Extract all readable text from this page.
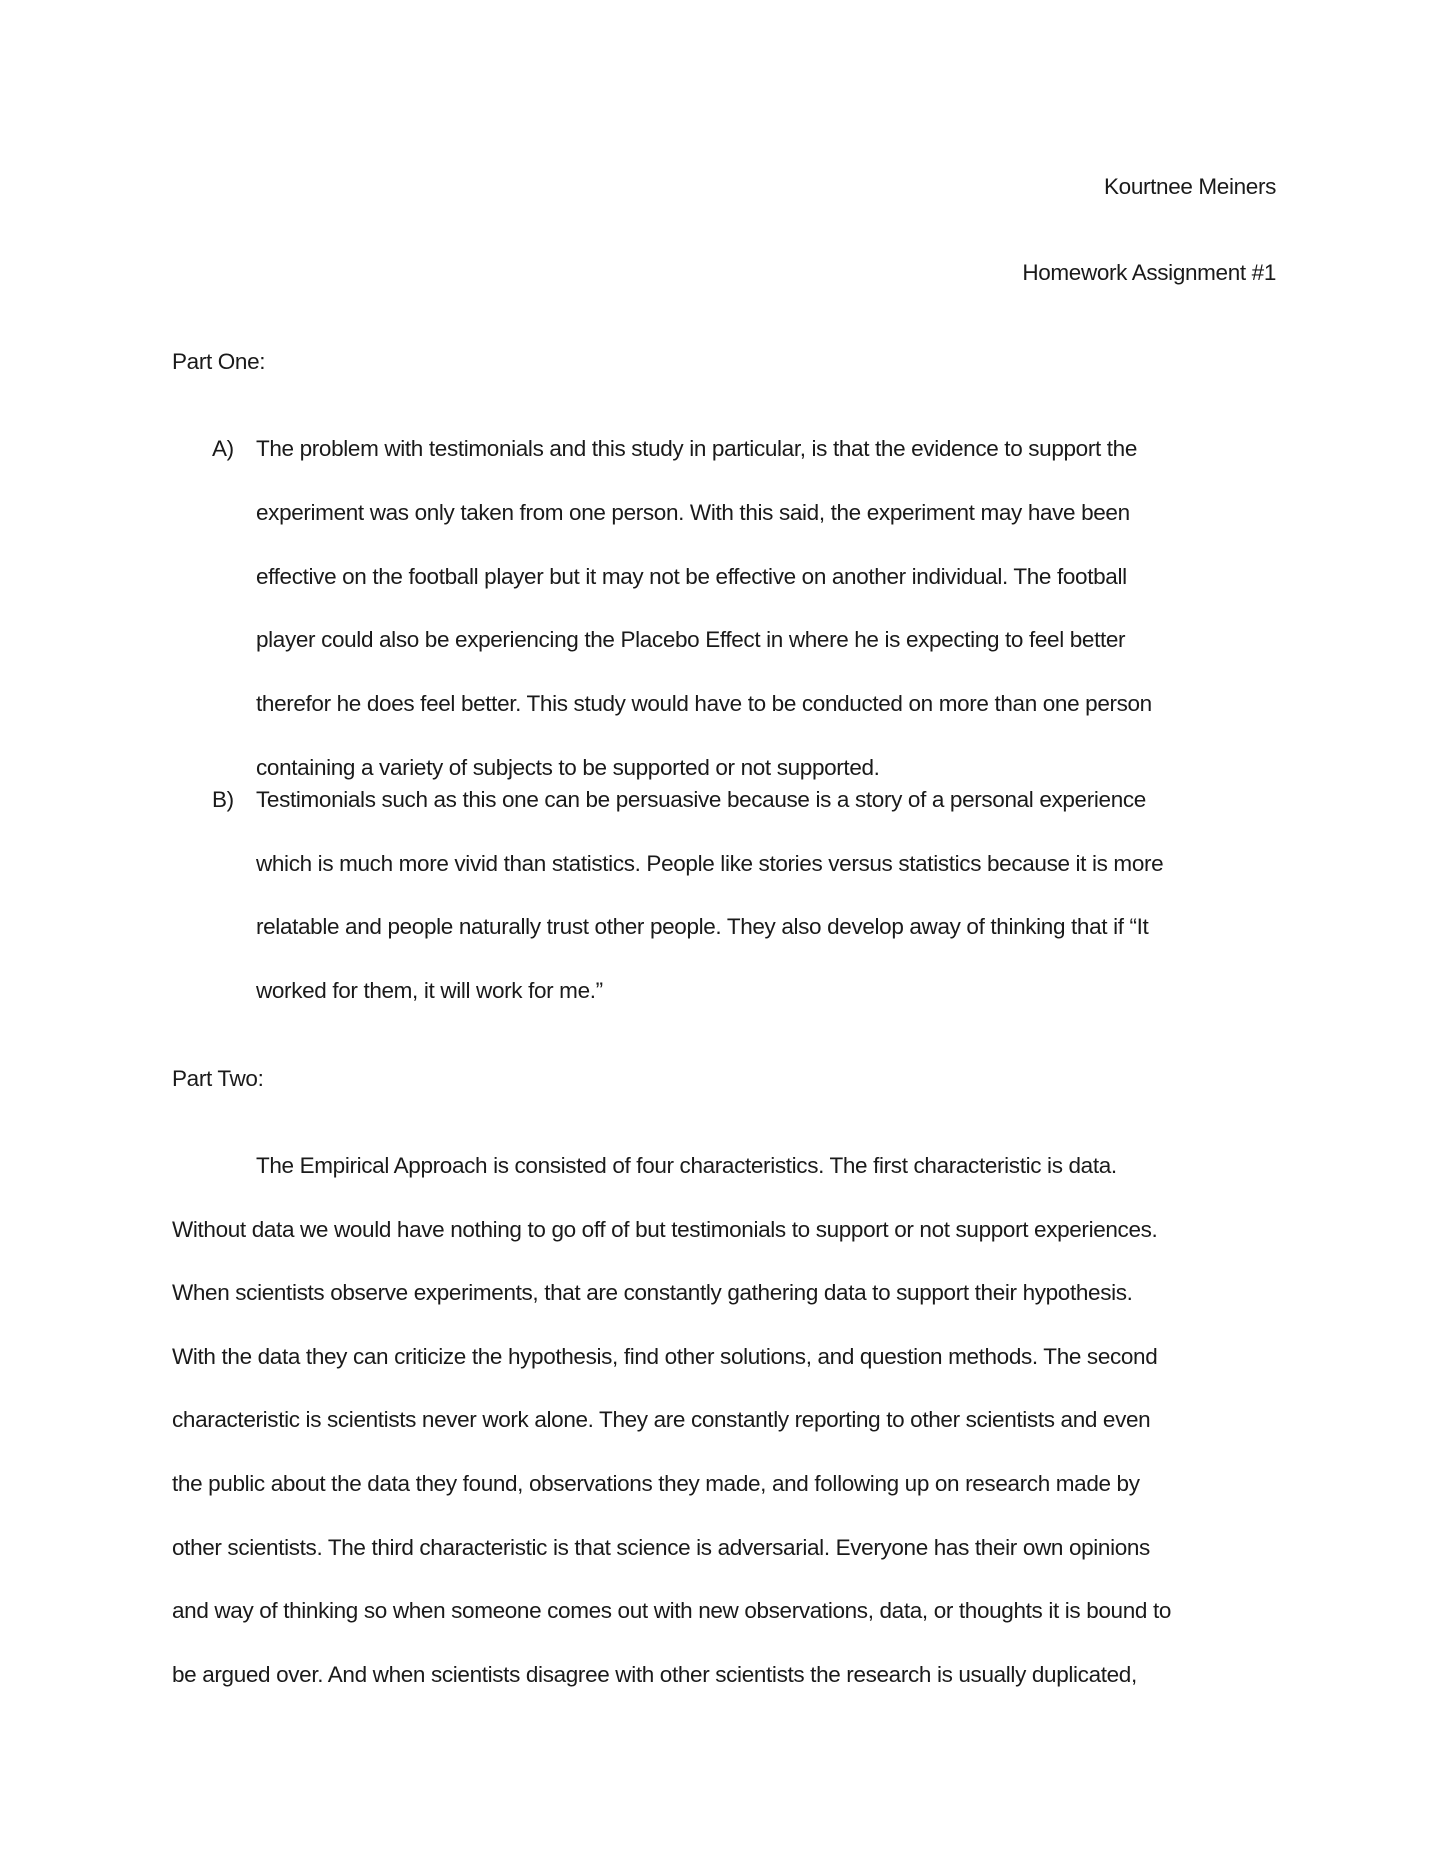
Kourtnee Meiners
Homework Assignment #1
Part One:
A) The problem with testimonials and this study in particular, is that the evidence to support the
experiment was only taken from one person. With this said, the experiment may have been
effective on the football player but it may not be effective on another individual. The football
player could also be experiencing the Placebo Effect in where he is expecting to feel better
therefor he does feel better. This study would have to be conducted on more than one person
containing a variety of subjects to be supported or not supported.
B) Testimonials such as this one can be persuasive because is a story of a personal experience
which is much more vivid than statistics. People like stories versus statistics because it is more
relatable and people naturally trust other people. They also develop away of thinking that if “It
worked for them, it will work for me.”
Part Two:
The Empirical Approach is consisted of four characteristics. The first characteristic is data.
Without data we would have nothing to go off of but testimonials to support or not support experiences.
When scientists observe experiments, that are constantly gathering data to support their hypothesis.
With the data they can criticize the hypothesis, find other solutions, and question methods. The second
characteristic is scientists never work alone. They are constantly reporting to other scientists and even
the public about the data they found, observations they made, and following up on research made by
other scientists. The third characteristic is that science is adversarial. Everyone has their own opinions
and way of thinking so when someone comes out with new observations, data, or thoughts it is bound to
be argued over. And when scientists disagree with other scientists the research is usually duplicated,
